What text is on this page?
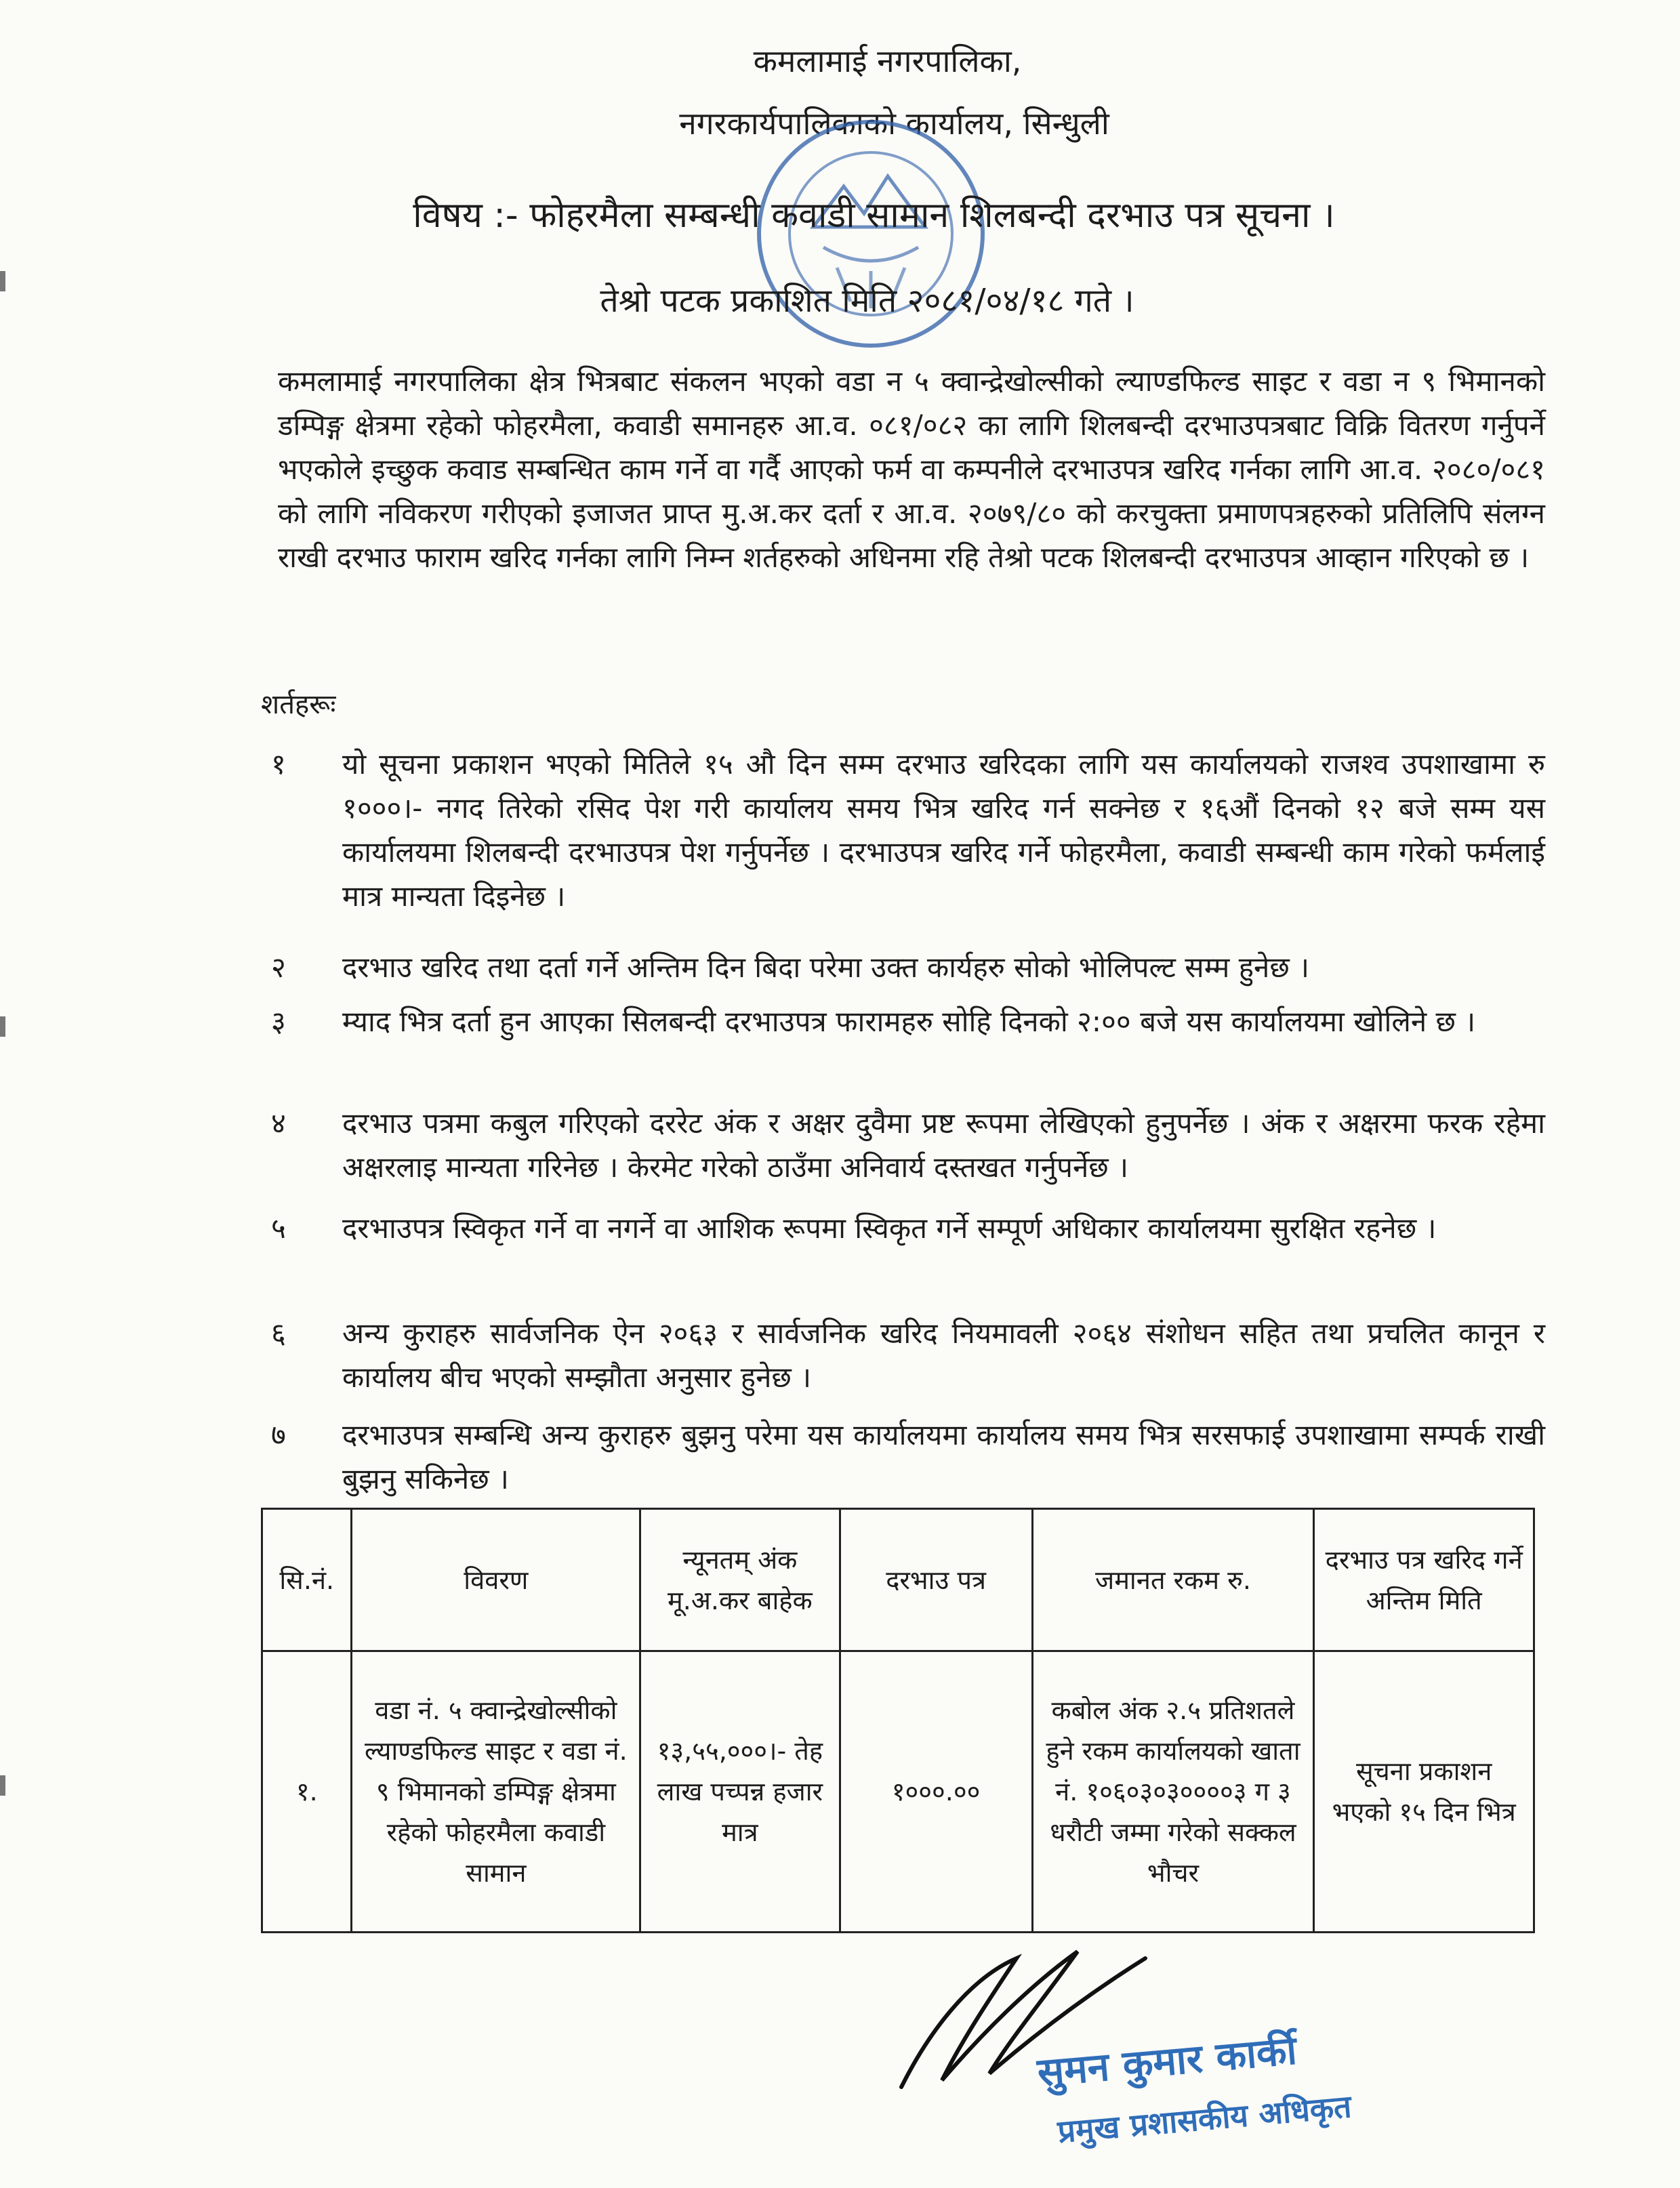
कमलामाई नगरपालिका,
नगरकार्यपालिकाको कार्यालय, सिन्धुली
विषय :- फोहरमैला सम्बन्धी कवाडी सामान शिलबन्दी दरभाउ पत्र सूचना ।
तेश्रो पटक प्रकाशित मिति २०८१/०४/१८ गते ।
कमलामाई नगरपालिका क्षेत्र भित्रबाट संकलन भएको वडा न ५ क्वान्द्रेखोल्सीको ल्याण्डफिल्ड साइट र वडा न ९ भिमानको डम्पिङ्ग क्षेत्रमा रहेको फोहरमैला, कवाडी समानहरु आ.व. ०८१/०८२ का लागि शिलबन्दी दरभाउपत्रबाट विक्रि वितरण गर्नुपर्ने भएकोले इच्छुक कवाड सम्बन्धित काम गर्ने वा गर्दै आएको फर्म वा कम्पनीले दरभाउपत्र खरिद गर्नका लागि आ.व. २०८०/०८१ को लागि नविकरण गरीएको इजाजत प्राप्त मु.अ.कर दर्ता र आ.व. २०७९/८० को करचुक्ता प्रमाणपत्रहरुको प्रतिलिपि संलग्न राखी दरभाउ फाराम खरिद गर्नका लागि निम्न शर्तहरुको अधिनमा रहि तेश्रो पटक शिलबन्दी दरभाउपत्र आव्हान गरिएको छ ।
शर्तहरूः
१	यो सूचना प्रकाशन भएको मितिले १५ औ दिन सम्म दरभाउ खरिदका लागि यस कार्यालयको राजश्व उपशाखामा रु १०००।- नगद तिरेको रसिद पेश गरी कार्यालय समय भित्र खरिद गर्न सक्नेछ र १६औं दिनको १२ बजे सम्म यस कार्यालयमा शिलबन्दी दरभाउपत्र पेश गर्नुपर्नेछ । दरभाउपत्र खरिद गर्ने फोहरमैला, कवाडी सम्बन्धी काम गरेको फर्मलाई मात्र मान्यता दिइनेछ ।
२	दरभाउ खरिद तथा दर्ता गर्ने अन्तिम दिन बिदा परेमा उक्त कार्यहरु सोको भोलिपल्ट सम्म हुनेछ ।
३	म्याद भित्र दर्ता हुन आएका सिलबन्दी दरभाउपत्र फारामहरु सोहि दिनको २:०० बजे यस कार्यालयमा खोलिने छ ।
४	दरभाउ पत्रमा कबुल गरिएको दररेट अंक र अक्षर दुवैमा प्रष्ट रूपमा लेखिएको हुनुपर्नेछ । अंक र अक्षरमा फरक रहेमा अक्षरलाइ मान्यता गरिनेछ । केरमेट गरेको ठाउँमा अनिवार्य दस्तखत गर्नुपर्नेछ ।
५	दरभाउपत्र स्विकृत गर्ने वा नगर्ने वा आशिक रूपमा स्विकृत गर्ने सम्पूर्ण अधिकार कार्यालयमा सुरक्षित रहनेछ ।
६	अन्य कुराहरु सार्वजनिक ऐन २०६३ र सार्वजनिक खरिद नियमावली २०६४ संशोधन सहित तथा प्रचलित कानून र कार्यालय बीच भएको सम्झौता अनुसार हुनेछ ।
७	दरभाउपत्र सम्बन्धि अन्य कुराहरु बुझनु परेमा यस कार्यालयमा कार्यालय समय भित्र सरसफाई उपशाखामा सम्पर्क राखी बुझनु सकिनेछ ।
सि.नं.	विवरण	न्यूनतम् अंक मू.अ.कर बाहेक	दरभाउ पत्र	जमानत रकम रु.	दरभाउ पत्र खरिद गर्ने अन्तिम मिति
१.	वडा नं. ५ क्वान्द्रेखोल्सीको ल्याण्डफिल्ड साइट र वडा नं. ९ भिमानको डम्पिङ्ग क्षेत्रमा रहेको फोहरमैला कवाडी सामान	१३,५५,०००।- तेह लाख पच्पन्न हजार मात्र	१०००.००	कबोल अंक २.५ प्रतिशतले हुने रकम कार्यालयको खाता नं. १०६०३०३००००३ ग ३ धरौटी जम्मा गरेको सक्कल भौचर	सूचना प्रकाशन भएको १५ दिन भित्र
सुमन कुमार कार्की
प्रमुख प्रशासकीय अधिकृत
